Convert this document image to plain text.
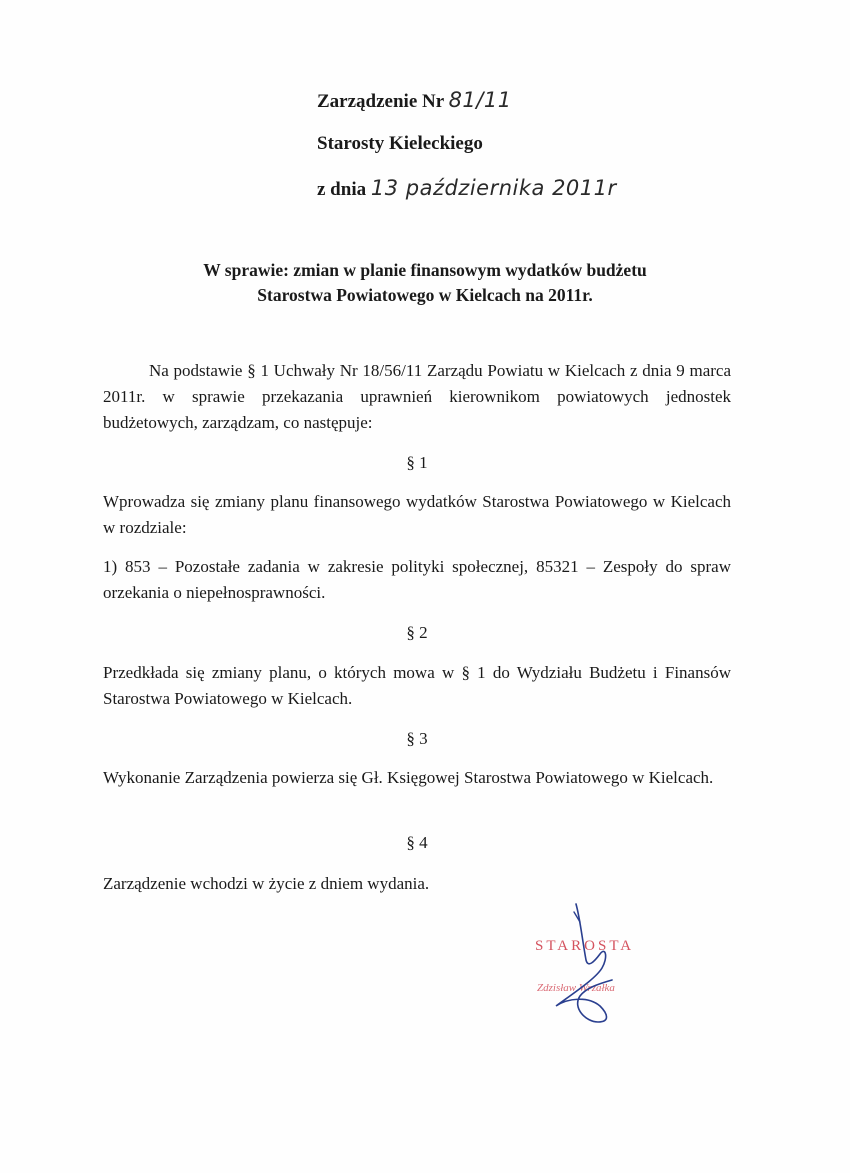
Zarządzenie Nr 81/11
Starosty Kieleckiego
z dnia 13 października 2011r
W sprawie: zmian w planie finansowym wydatków budżetu
Starostwa Powiatowego w Kielcach na 2011r.
Na podstawie § 1 Uchwały Nr 18/56/11 Zarządu Powiatu w Kielcach z dnia 9 marca 2011r. w sprawie przekazania uprawnień kierownikom powiatowych jednostek budżetowych, zarządzam, co następuje:
§ 1
Wprowadza się zmiany planu finansowego wydatków Starostwa Powiatowego w Kielcach w rozdziale:
1) 853 – Pozostałe zadania w zakresie polityki społecznej, 85321 – Zespoły do spraw orzekania o niepełnosprawności.
§ 2
Przedkłada się zmiany planu, o których mowa w § 1 do Wydziału Budżetu i Finansów Starostwa Powiatowego w Kielcach.
§ 3
Wykonanie Zarządzenia powierza się Gł. Księgowej Starostwa Powiatowego w Kielcach.
§ 4
Zarządzenie wchodzi w życie z dniem wydania.
STAROSTA
Zdzisław Wrzałka
